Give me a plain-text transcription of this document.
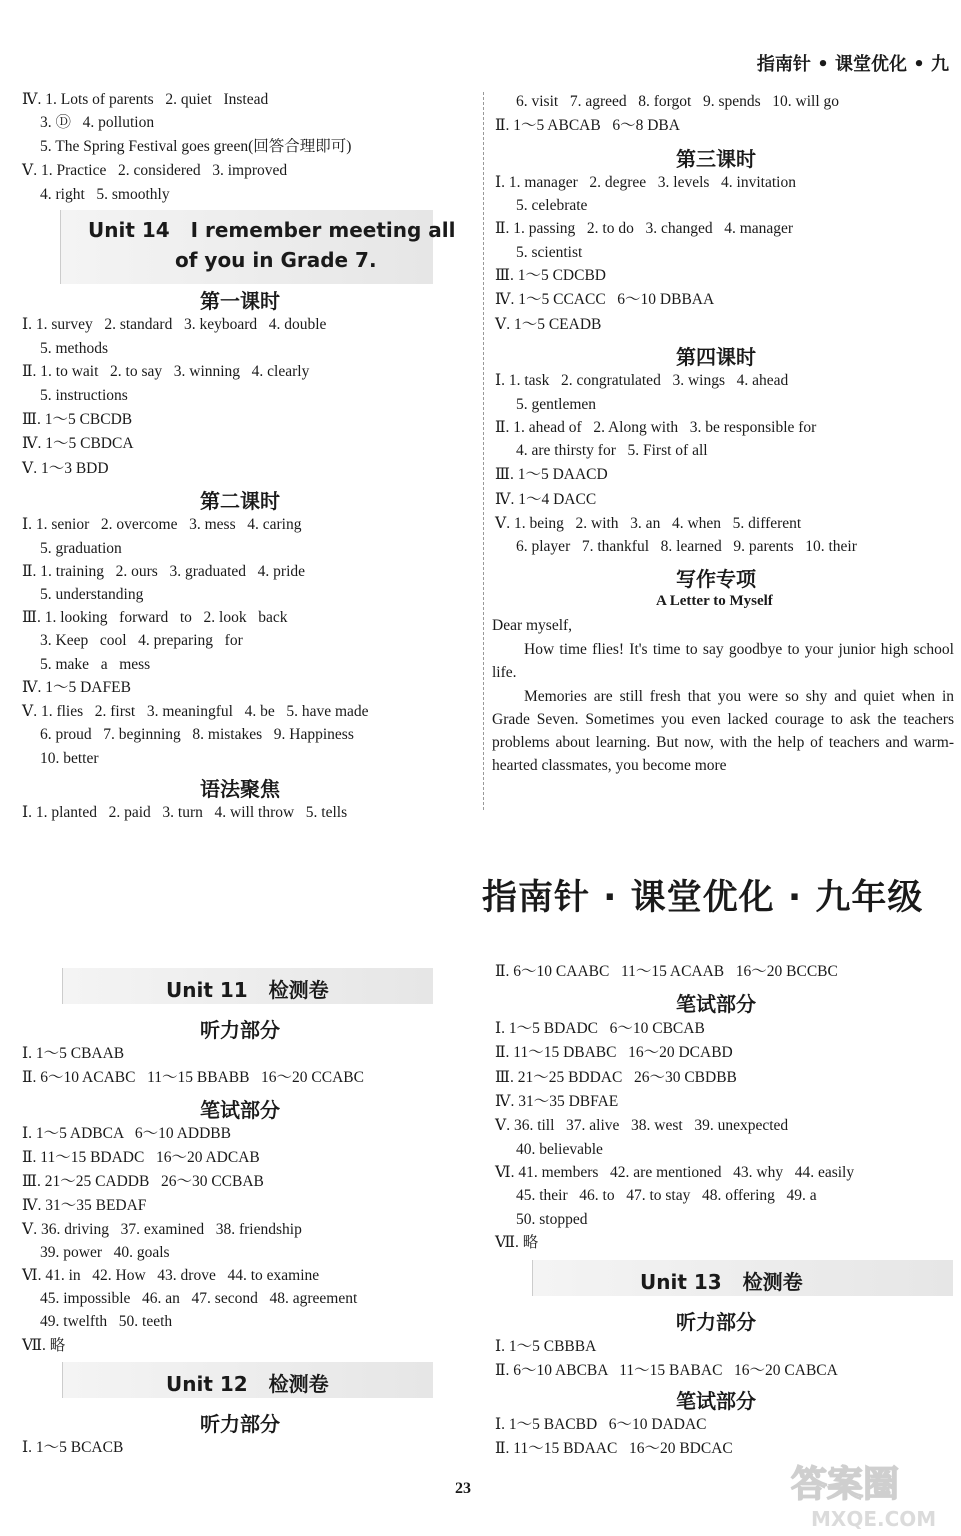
指南针 • 课堂优化 • 九
Ⅳ. 1. Lots of parents   2. quiet   Instead
3. Ⓓ   4. pollution
5. The Spring Festival goes green(回答合理即可)
Ⅴ. 1. Practice   2. considered   3. improved
4. right   5. smoothly
Unit 14   I remember meeting all
of you in Grade 7.
第一课时
Ⅰ. 1. survey   2. standard   3. keyboard   4. double
5. methods
Ⅱ. 1. to wait   2. to say   3. winning   4. clearly
5. instructions
Ⅲ. 1～5 CBCDB
Ⅳ. 1～5 CBDCA
Ⅴ. 1～3 BDD
第二课时
Ⅰ. 1. senior   2. overcome   3. mess   4. caring
5. graduation
Ⅱ. 1. training   2. ours   3. graduated   4. pride
5. understanding
Ⅲ. 1. looking   forward   to   2. look   back
3. Keep   cool   4. preparing   for
5. make   a   mess
Ⅳ. 1～5 DAFEB
Ⅴ. 1. flies   2. first   3. meaningful   4. be   5. have made
6. proud   7. beginning   8. mistakes   9. Happiness
10. better
语法聚焦
Ⅰ. 1. planted   2. paid   3. turn   4. will throw   5. tells
6. visit   7. agreed   8. forgot   9. spends   10. will go
Ⅱ. 1～5 ABCAB   6～8 DBA
第三课时
Ⅰ. 1. manager   2. degree   3. levels   4. invitation
5. celebrate
Ⅱ. 1. passing   2. to do   3. changed   4. manager
5. scientist
Ⅲ. 1～5 CDCBD
Ⅳ. 1～5 CCACC   6～10 DBBAA
Ⅴ. 1～5 CEADB
第四课时
Ⅰ. 1. task   2. congratulated   3. wings   4. ahead
5. gentlemen
Ⅱ. 1. ahead of   2. Along with   3. be responsible for
4. are thirsty for   5. First of all
Ⅲ. 1～5 DAACD
Ⅳ. 1～4 DACC
Ⅴ. 1. being   2. with   3. an   4. when   5. different
6. player   7. thankful   8. learned   9. parents   10. their
写作专项
A Letter to Myself
Dear myself,
How time flies! It's time to say goodbye to your junior high school life.
Memories are still fresh that you were so shy and quiet when in Grade Seven. Sometimes you even lacked courage to ask the teachers problems about learning. But now, with the help of teachers and warm-hearted classmates, you become more
指南针 · 课堂优化 · 九年级
Unit 11   检测卷
听力部分
Ⅰ. 1～5 CBAAB
Ⅱ. 6～10 ACABC   11～15 BBABB   16～20 CCABC
笔试部分
Ⅰ. 1～5 ADBCA   6～10 ADDBB
Ⅱ. 11～15 BDADC   16～20 ADCAB
Ⅲ. 21～25 CADDB   26～30 CCBAB
Ⅳ. 31～35 BEDAF
Ⅴ. 36. driving   37. examined   38. friendship
39. power   40. goals
Ⅵ. 41. in   42. How   43. drove   44. to examine
45. impossible   46. an   47. second   48. agreement
49. twelfth   50. teeth
Ⅶ. 略
Unit 12   检测卷
听力部分
Ⅰ. 1～5 BCACB
Ⅱ. 6～10 CAABC   11～15 ACAAB   16～20 BCCBC
笔试部分
Ⅰ. 1～5 BDADC   6～10 CBCAB
Ⅱ. 11～15 DBABC   16～20 DCABD
Ⅲ. 21～25 BDDAC   26～30 CBDBB
Ⅳ. 31～35 DBFAE
Ⅴ. 36. till   37. alive   38. west   39. unexpected
40. believable
Ⅵ. 41. members   42. are mentioned   43. why   44. easily
45. their   46. to   47. to stay   48. offering   49. a
50. stopped
Ⅶ. 略
Unit 13   检测卷
听力部分
Ⅰ. 1～5 CBBBA
Ⅱ. 6～10 ABCBA   11～15 BABAC   16～20 CABCA
笔试部分
Ⅰ. 1～5 BACBD   6～10 DADAC
Ⅱ. 11～15 BDAAC   16～20 BDCAC
23	答案圈
MXQE.COM
